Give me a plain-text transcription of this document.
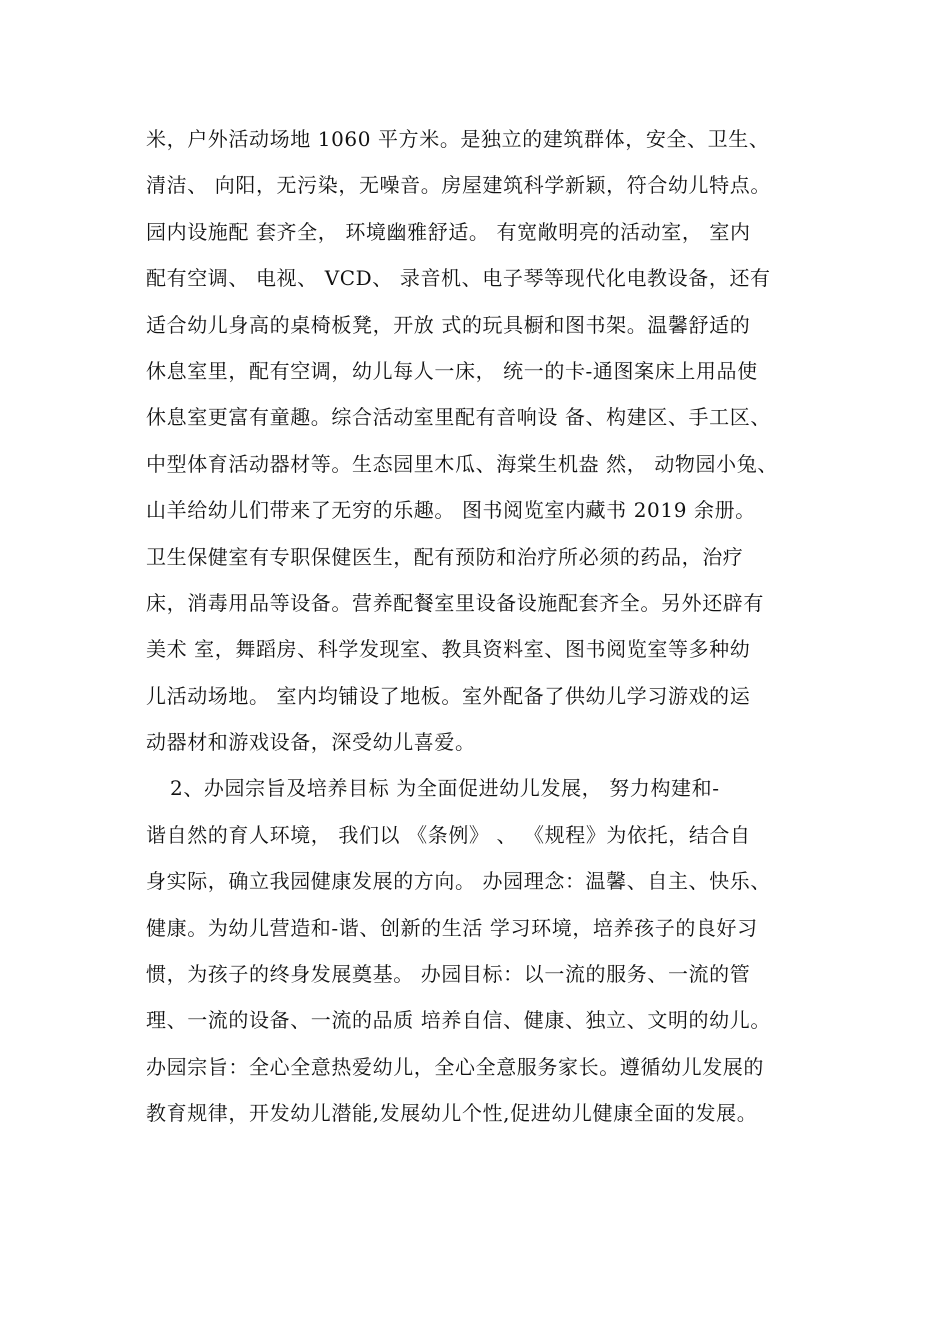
米，户外活动场地 1060 平方米。是独立的建筑群体，安全、卫生、
清洁、 向阳，无污染，无噪音。房屋建筑科学新颖，符合幼儿特点。
园内设施配 套齐全， 环境幽雅舒适。 有宽敞明亮的活动室， 室内
配有空调、 电视、 VCD、 录音机、电子琴等现代化电教设备，还有
适合幼儿身高的桌椅板凳，开放 式的玩具橱和图书架。温馨舒适的
休息室里，配有空调，幼儿每人一床， 统一的卡-通图案床上用品使
休息室更富有童趣。综合活动室里配有音响设 备、构建区、手工区、
中型体育活动器材等。生态园里木瓜、海棠生机盎 然， 动物园小兔、
山羊给幼儿们带来了无穷的乐趣。 图书阅览室内藏书 2019 余册。
卫生保健室有专职保健医生，配有预防和治疗所必须的药品，治疗
床，消毒用品等设备。营养配餐室里设备设施配套齐全。另外还辟有
美术 室，舞蹈房、科学发现室、教具资料室、图书阅览室等多种幼
儿活动场地。 室内均铺设了地板。室外配备了供幼儿学习游戏的运
动器材和游戏设备，深受幼儿喜爱。
2、办园宗旨及培养目标 为全面促进幼儿发展， 努力构建和-
谐自然的育人环境， 我们以 《条例》 、 《规程》为依托，结合自
身实际，确立我园健康发展的方向。 办园理念：温馨、自主、快乐、
健康。为幼儿营造和-谐、创新的生活 学习环境，培养孩子的良好习
惯，为孩子的终身发展奠基。 办园目标：以一流的服务、一流的管
理、一流的设备、一流的品质 培养自信、健康、独立、文明的幼儿。
办园宗旨：全心全意热爱幼儿，全心全意服务家长。遵循幼儿发展的
教育规律，开发幼儿潜能,发展幼儿个性,促进幼儿健康全面的发展。
